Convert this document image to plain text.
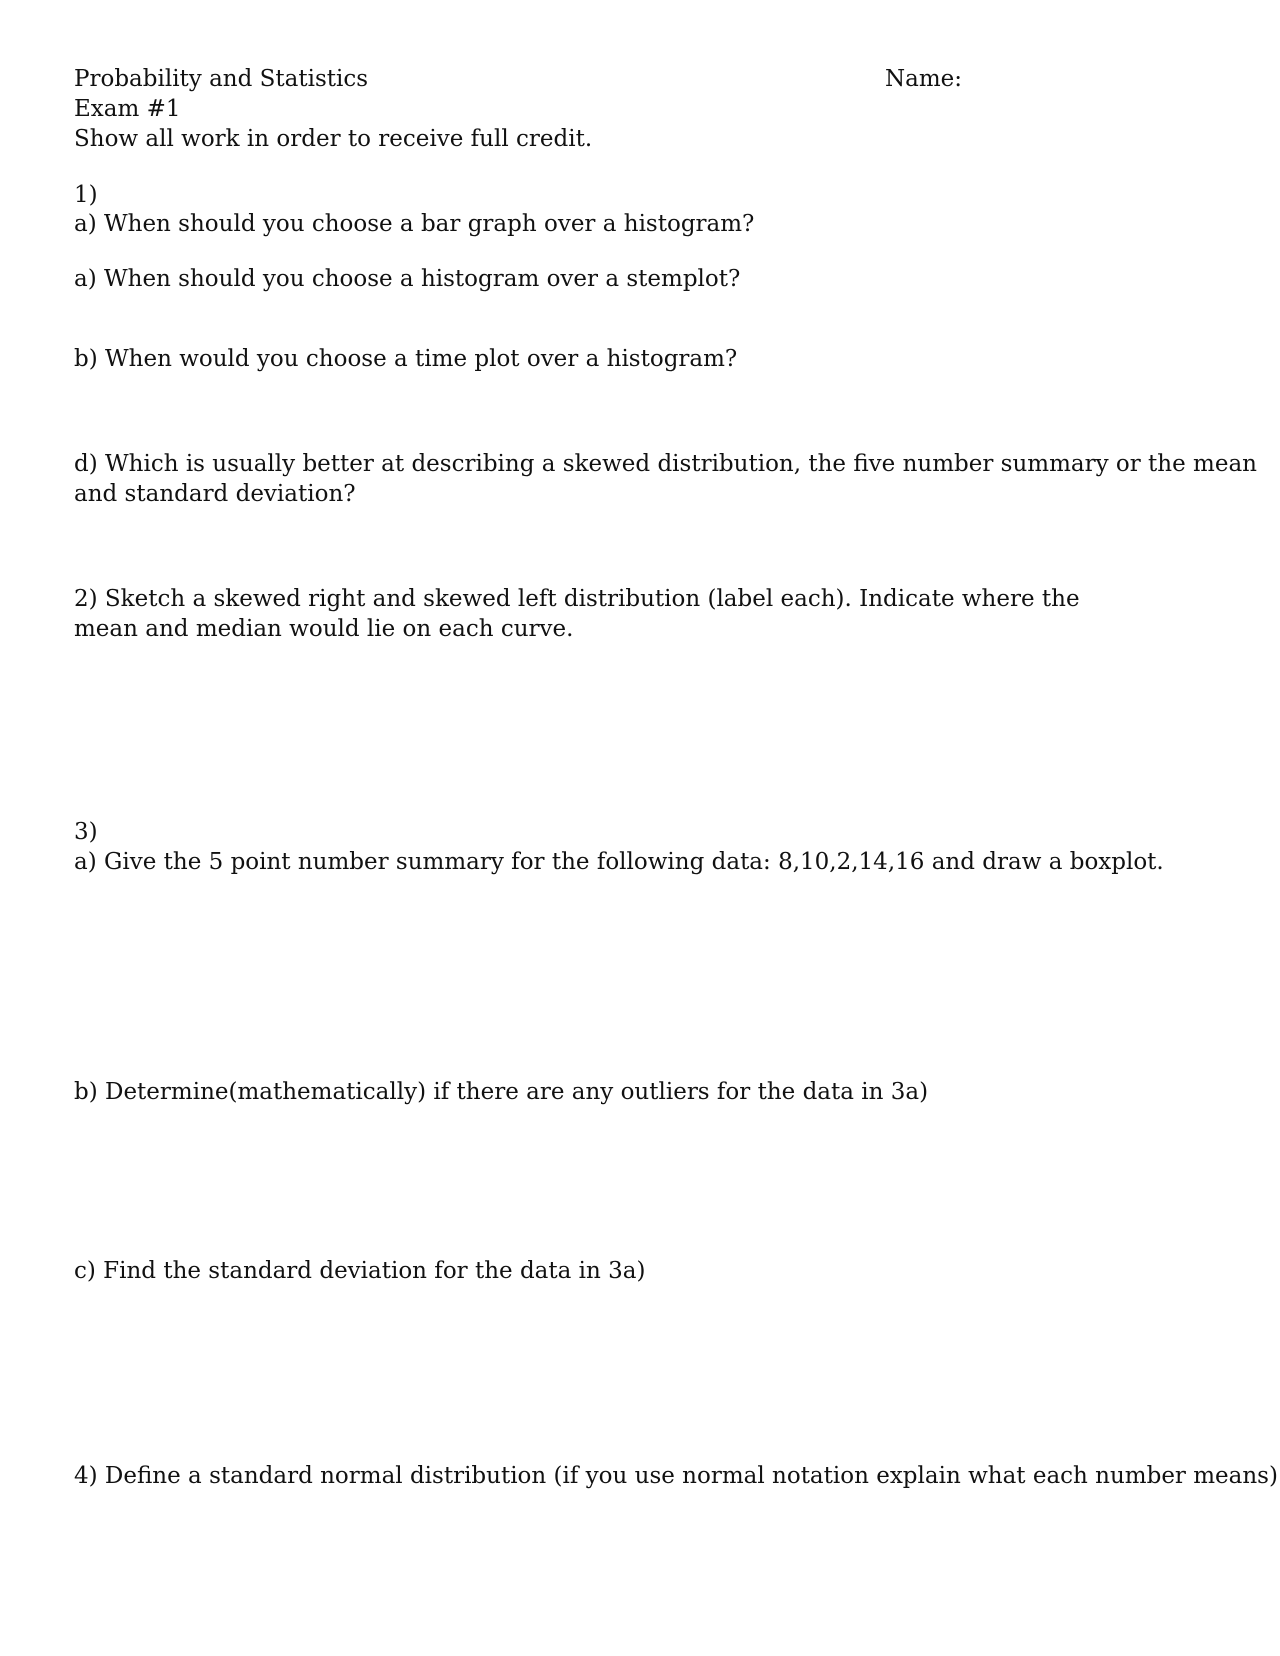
Probability and Statistics
Exam #1
Show all work in order to receive full credit.
Name:
1)
a) When should you choose a bar graph over a histogram?
a) When should you choose a histogram over a stemplot?
b) When would you choose a time plot over a histogram?
d) Which is usually better at describing a skewed distribution, the five number summary or the mean
and standard deviation?
2) Sketch a skewed right and skewed left distribution (label each). Indicate where the
mean and median would lie on each curve.
3)
a) Give the 5 point number summary for the following data: 8,10,2,14,16 and draw a boxplot.
b) Determine(mathematically) if there are any outliers for the data in 3a)
c) Find the standard deviation for the data in 3a)
4) Define a standard normal distribution (if you use normal notation explain what each number means)
